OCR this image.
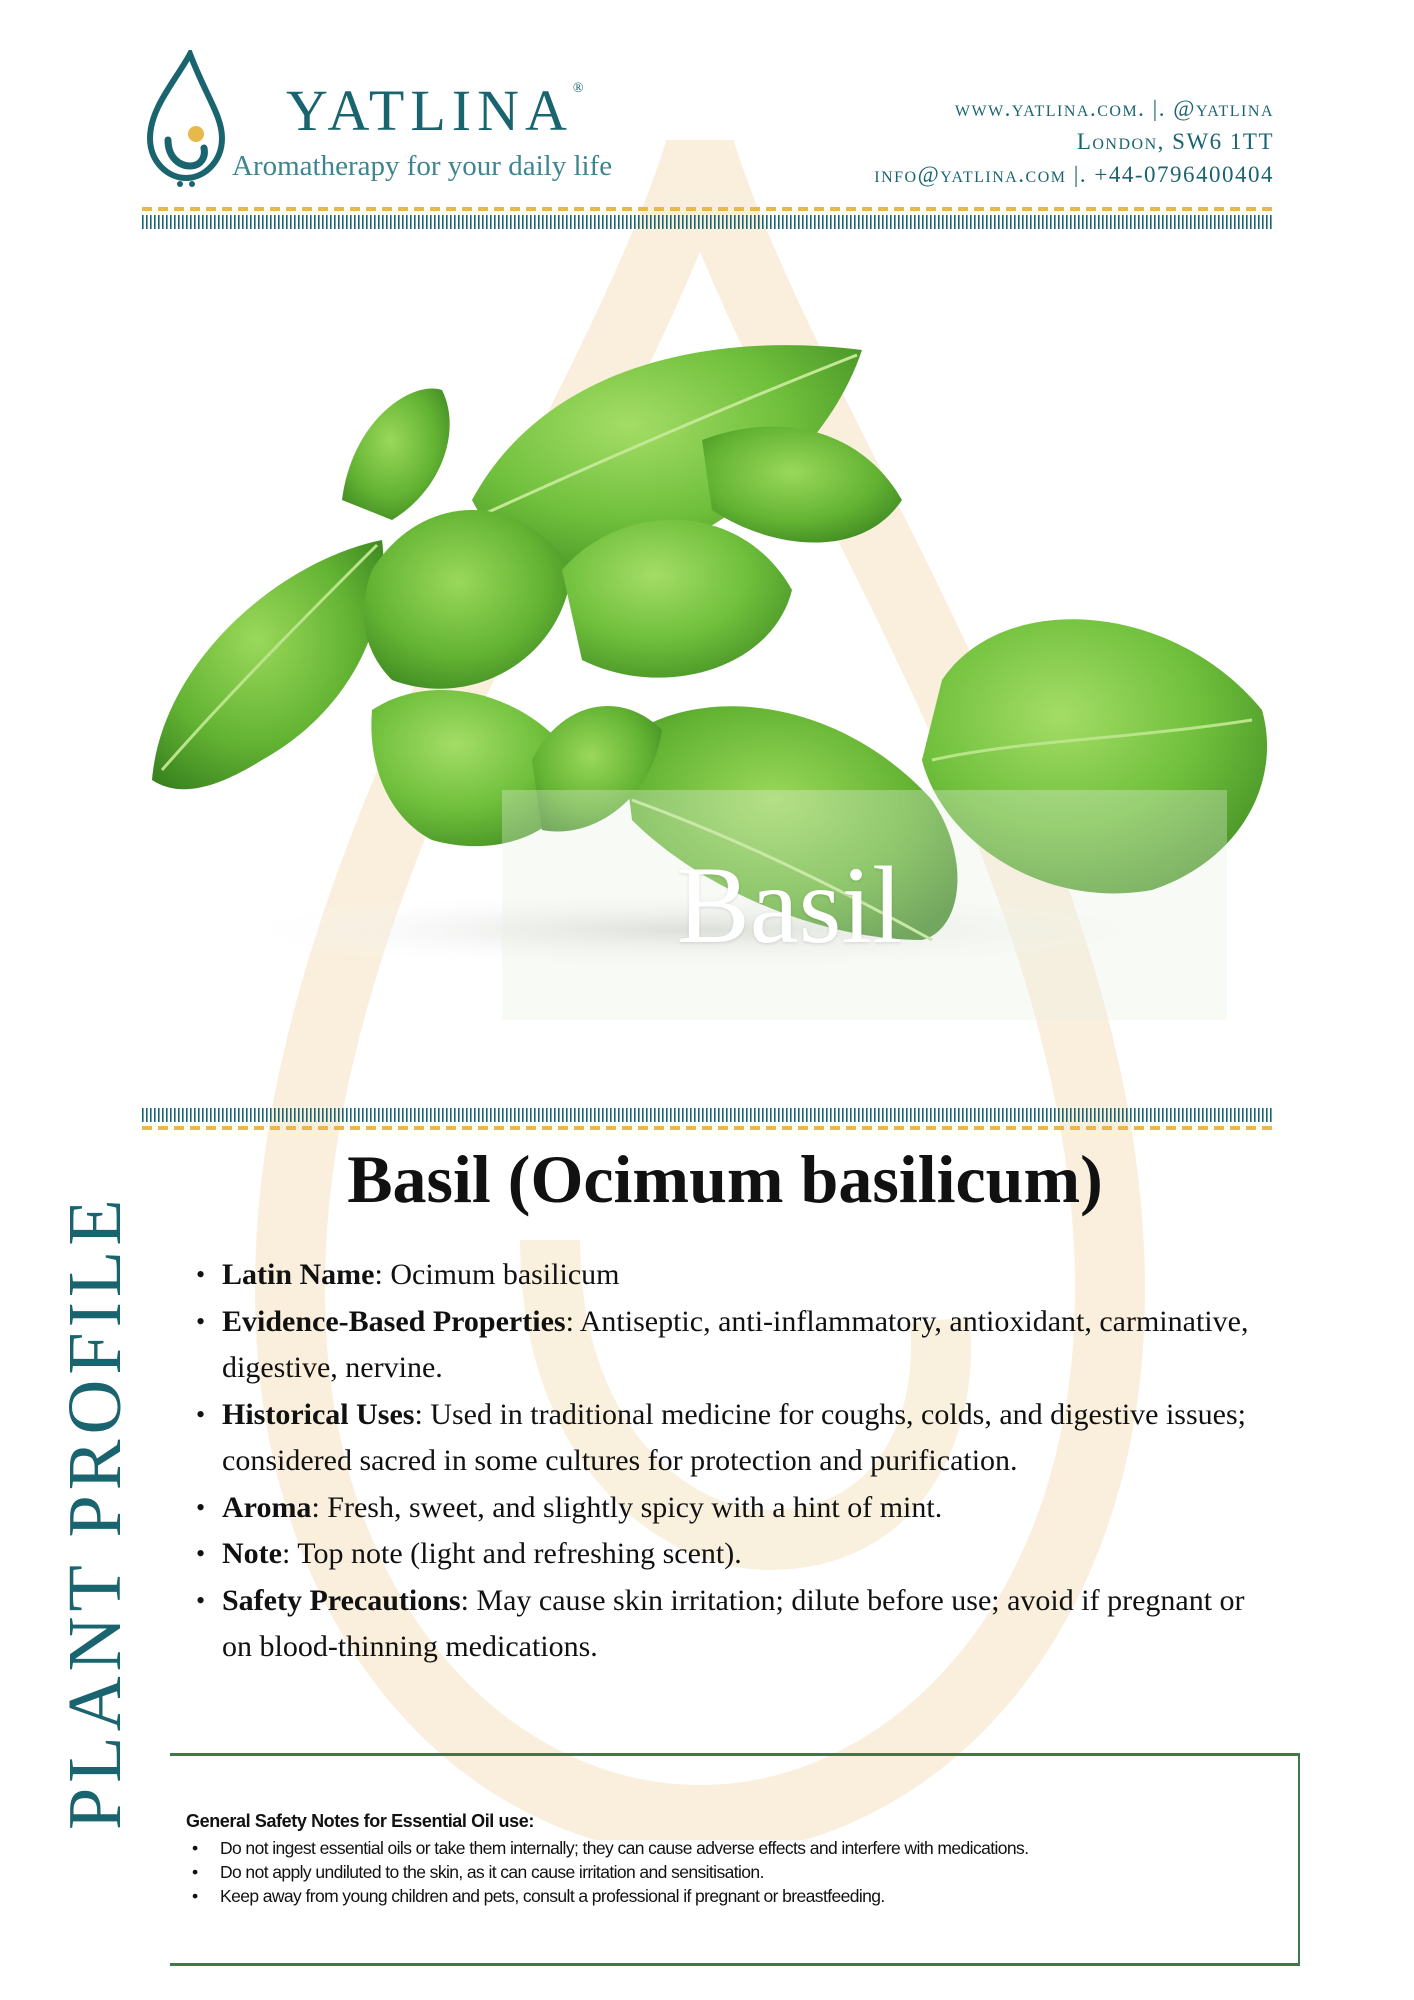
YATLINA®
Aromatherapy for your daily life
www.yatlina.com. |. @yatlina
London, SW6 1TT
info@yatlina.com |. +44-0796400404
Basil
PLANT PROFILE
Basil (Ocimum basilicum)
• Latin Name: Ocimum basilicum
• Evidence-Based Properties: Antiseptic, anti-inflammatory, antioxidant, carminative, digestive, nervine.
• Historical Uses: Used in traditional medicine for coughs, colds, and digestive issues; considered sacred in some cultures for protection and purification.
• Aroma: Fresh, sweet, and slightly spicy with a hint of mint.
• Note: Top note (light and refreshing scent).
• Safety Precautions: May cause skin irritation; dilute before use; avoid if pregnant or on blood-thinning medications.
General Safety Notes for Essential Oil use:
• Do not ingest essential oils or take them internally; they can cause adverse effects and interfere with medications.
• Do not apply undiluted to the skin, as it can cause irritation and sensitisation.
• Keep away from young children and pets, consult a professional if pregnant or breastfeeding.
